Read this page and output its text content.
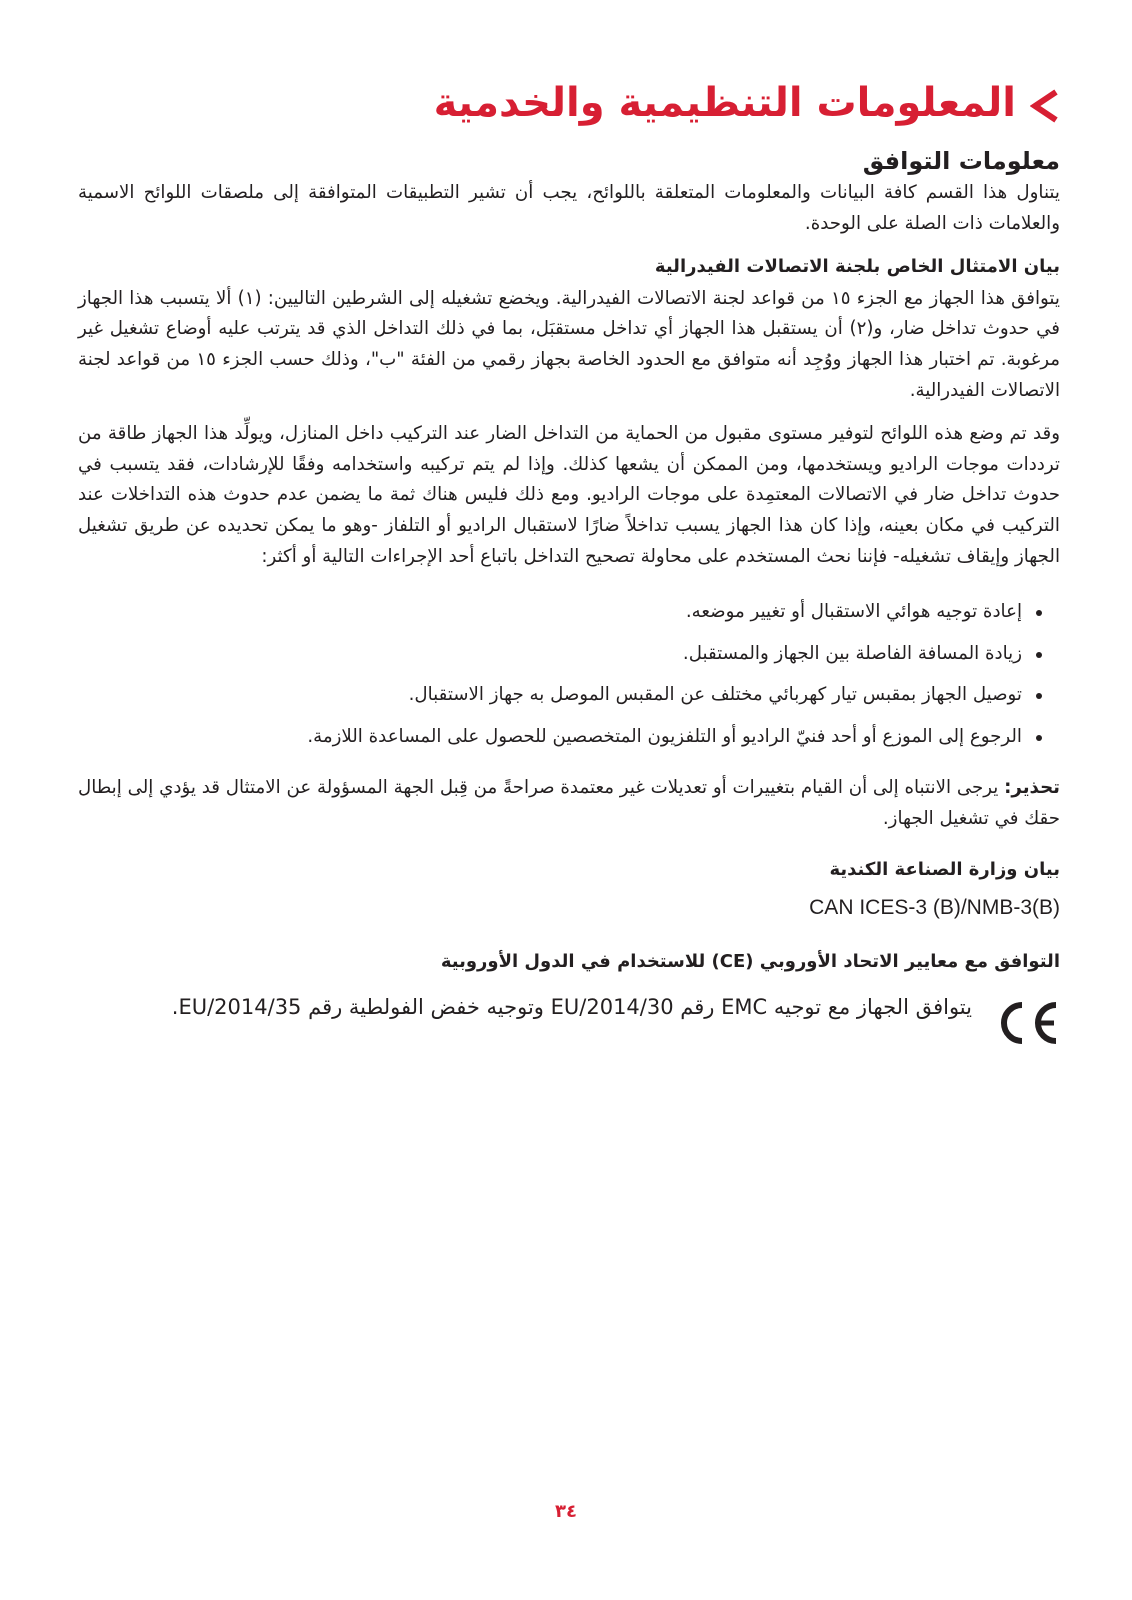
المعلومات التنظيمية والخدمية
معلومات التوافق

يتناول هذا القسم كافة البيانات والمعلومات المتعلقة باللوائح، يجب أن تشير التطبيقات المتوافقة إلى ملصقات اللوائح الاسمية والعلامات ذات الصلة على الوحدة.

بيان الامتثال الخاص بلجنة الاتصالات الفيدرالية

يتوافق هذا الجهاز مع الجزء ١٥ من قواعد لجنة الاتصالات الفيدرالية. ويخضع تشغيله إلى الشرطين التاليين: (١) ألا يتسبب هذا الجهاز في حدوث تداخل ضار، و(٢) أن يستقبل هذا الجهاز أي تداخل مستقبَل، بما في ذلك التداخل الذي قد يترتب عليه أوضاع تشغيل غير مرغوبة. تم اختبار هذا الجهاز ووُجِد أنه متوافق مع الحدود الخاصة بجهاز رقمي من الفئة "ب"، وذلك حسب الجزء ١٥ من قواعد لجنة الاتصالات الفيدرالية.

وقد تم وضع هذه اللوائح لتوفير مستوى مقبول من الحماية من التداخل الضار عند التركيب داخل المنازل، ويولِّد هذا الجهاز طاقة من ترددات موجات الراديو ويستخدمها، ومن الممكن أن يشعها كذلك. وإذا لم يتم تركيبه واستخدامه وفقًا للإرشادات، فقد يتسبب في حدوث تداخل ضار في الاتصالات المعتمِدة على موجات الراديو. ومع ذلك فليس هناك ثمة ما يضمن عدم حدوث هذه التداخلات عند التركيب في مكان بعينه، وإذا كان هذا الجهاز يسبب تداخلاً ضارًا لاستقبال الراديو أو التلفاز -وهو ما يمكن تحديده عن طريق تشغيل الجهاز وإيقاف تشغيله- فإننا نحث المستخدم على محاولة تصحيح التداخل باتباع أحد الإجراءات التالية أو أكثر:

إعادة توجيه هوائي الاستقبال أو تغيير موضعه.
زيادة المسافة الفاصلة بين الجهاز والمستقبل.
توصيل الجهاز بمقبس تيار كهربائي مختلف عن المقبس الموصل به جهاز الاستقبال.
الرجوع إلى الموزع أو أحد فنيّ الراديو أو التلفزيون المتخصصين للحصول على المساعدة اللازمة.

تحذير: يرجى الانتباه إلى أن القيام بتغييرات أو تعديلات غير معتمدة صراحةً من قِبل الجهة المسؤولة عن الامتثال قد يؤدي إلى إبطال حقك في تشغيل الجهاز.

بيان وزارة الصناعة الكندية
CAN ICES-3 (B)/NMB-3(B)
التوافق مع معايير الاتحاد الأوروبي (CE) للاستخدام في الدول الأوروبية
يتوافق الجهاز مع توجيه EMC رقم 2014/30/EU وتوجيه خفض الفولطية رقم 2014/35/EU.
٣٤
